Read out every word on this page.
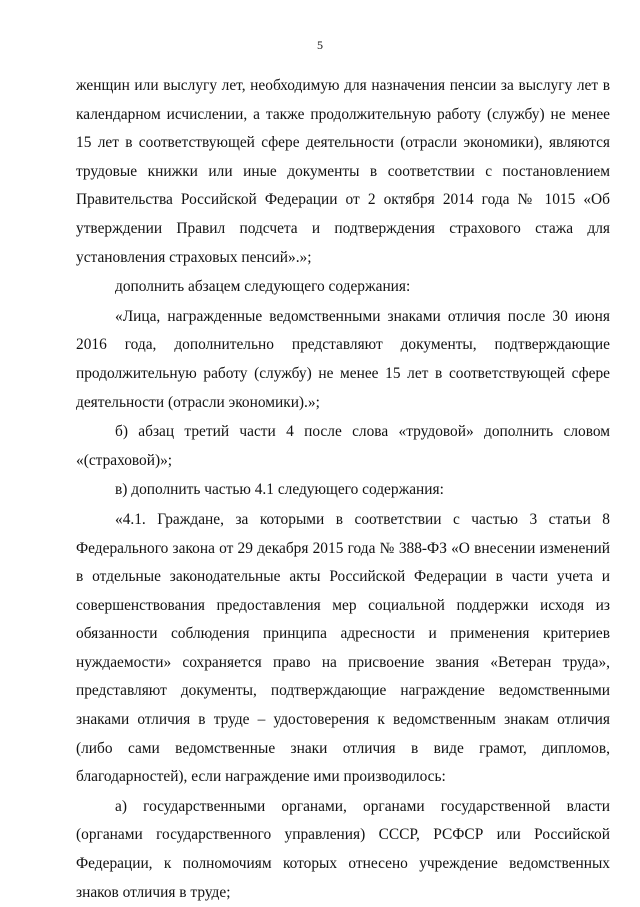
5

женщин или выслугу лет, необходимую для назначения пенсии за выслугу лет в календарном исчислении, а также продолжительную работу (службу) не менее 15 лет в соответствующей сфере деятельности (отрасли экономики), являются трудовые книжки или иные документы в соответствии с постановлением Правительства Российской Федерации от 2 октября 2014 года № 1015 «Об утверждении Правил подсчета и подтверждения страхового стажа для установления страховых пенсий».»;

дополнить абзацем следующего содержания:

«Лица, награжденные ведомственными знаками отличия после 30 июня 2016 года, дополнительно представляют документы, подтверждающие продолжительную работу (службу) не менее 15 лет в соответствующей сфере деятельности (отрасли экономики).»;

б) абзац третий части 4 после слова «трудовой» дополнить словом «(страховой)»;

в) дополнить частью 4.1 следующего содержания:

«4.1. Граждане, за которыми в соответствии с частью 3 статьи 8 Федерального закона от 29 декабря 2015 года № 388-ФЗ «О внесении изменений в отдельные законодательные акты Российской Федерации в части учета и совершенствования предоставления мер социальной поддержки исходя из обязанности соблюдения принципа адресности и применения критериев нуждаемости» сохраняется право на присвоение звания «Ветеран труда», представляют документы, подтверждающие награждение ведомственными знаками отличия в труде – удостоверения к ведомственным знакам отличия (либо сами ведомственные знаки отличия в виде грамот, дипломов, благодарностей), если награждение ими производилось:

а) государственными органами, органами государственной власти (органами государственного управления) СССР, РСФСР или Российской Федерации, к полномочиям которых отнесено учреждение ведомственных знаков отличия в труде;
